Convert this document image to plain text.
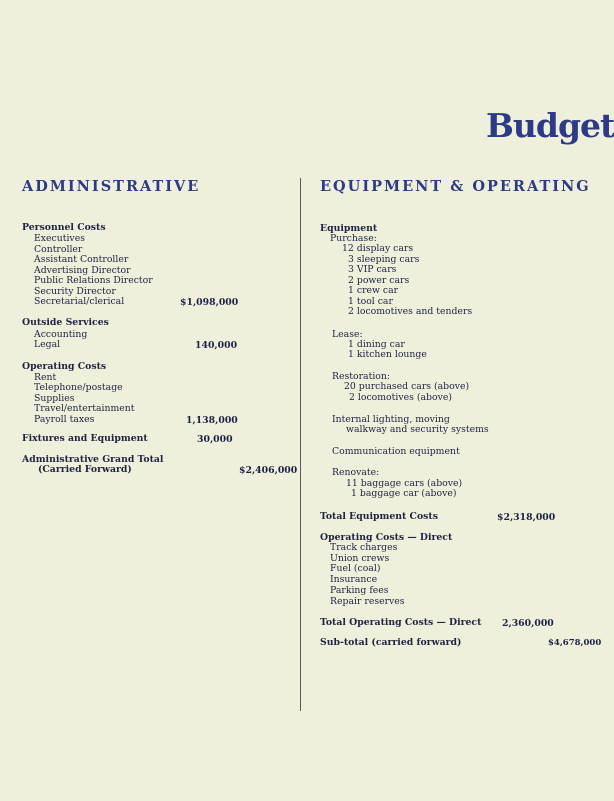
Budget
ADMINISTRATIVE	EQUIPMENT & OPERATING
Personnel Costs
Executives
Controller
Assistant Controller
Advertising Director
Public Relations Director
Security Director
Secretarial/clerical	$1,098,000
Outside Services
Accounting
Legal	140,000
Operating Costs
Rent
Telephone/postage
Supplies
Travel/entertainment
Payroll taxes	1,138,000
Fixtures and Equipment	30,000
Administrative Grand Total
(Carried Forward)	$2,406,000
Equipment
Purchase:
12 display cars
3 sleeping cars
3 VIP cars
2 power cars
1 crew car
1 tool car
2 locomotives and tenders
Lease:
1 dining car
1 kitchen lounge
Restoration:
20 purchased cars (above)
2 locomotives (above)
Internal lighting, moving
walkway and security systems
Communication equipment
Renovate:
11 baggage cars (above)
1 baggage car (above)
Total Equipment Costs	$2,318,000
Operating Costs — Direct
Track charges
Union crews
Fuel (coal)
Insurance
Parking fees
Repair reserves
Total Operating Costs — Direct 2,360,000
Sub-total (carried forward)	$4,678,000
